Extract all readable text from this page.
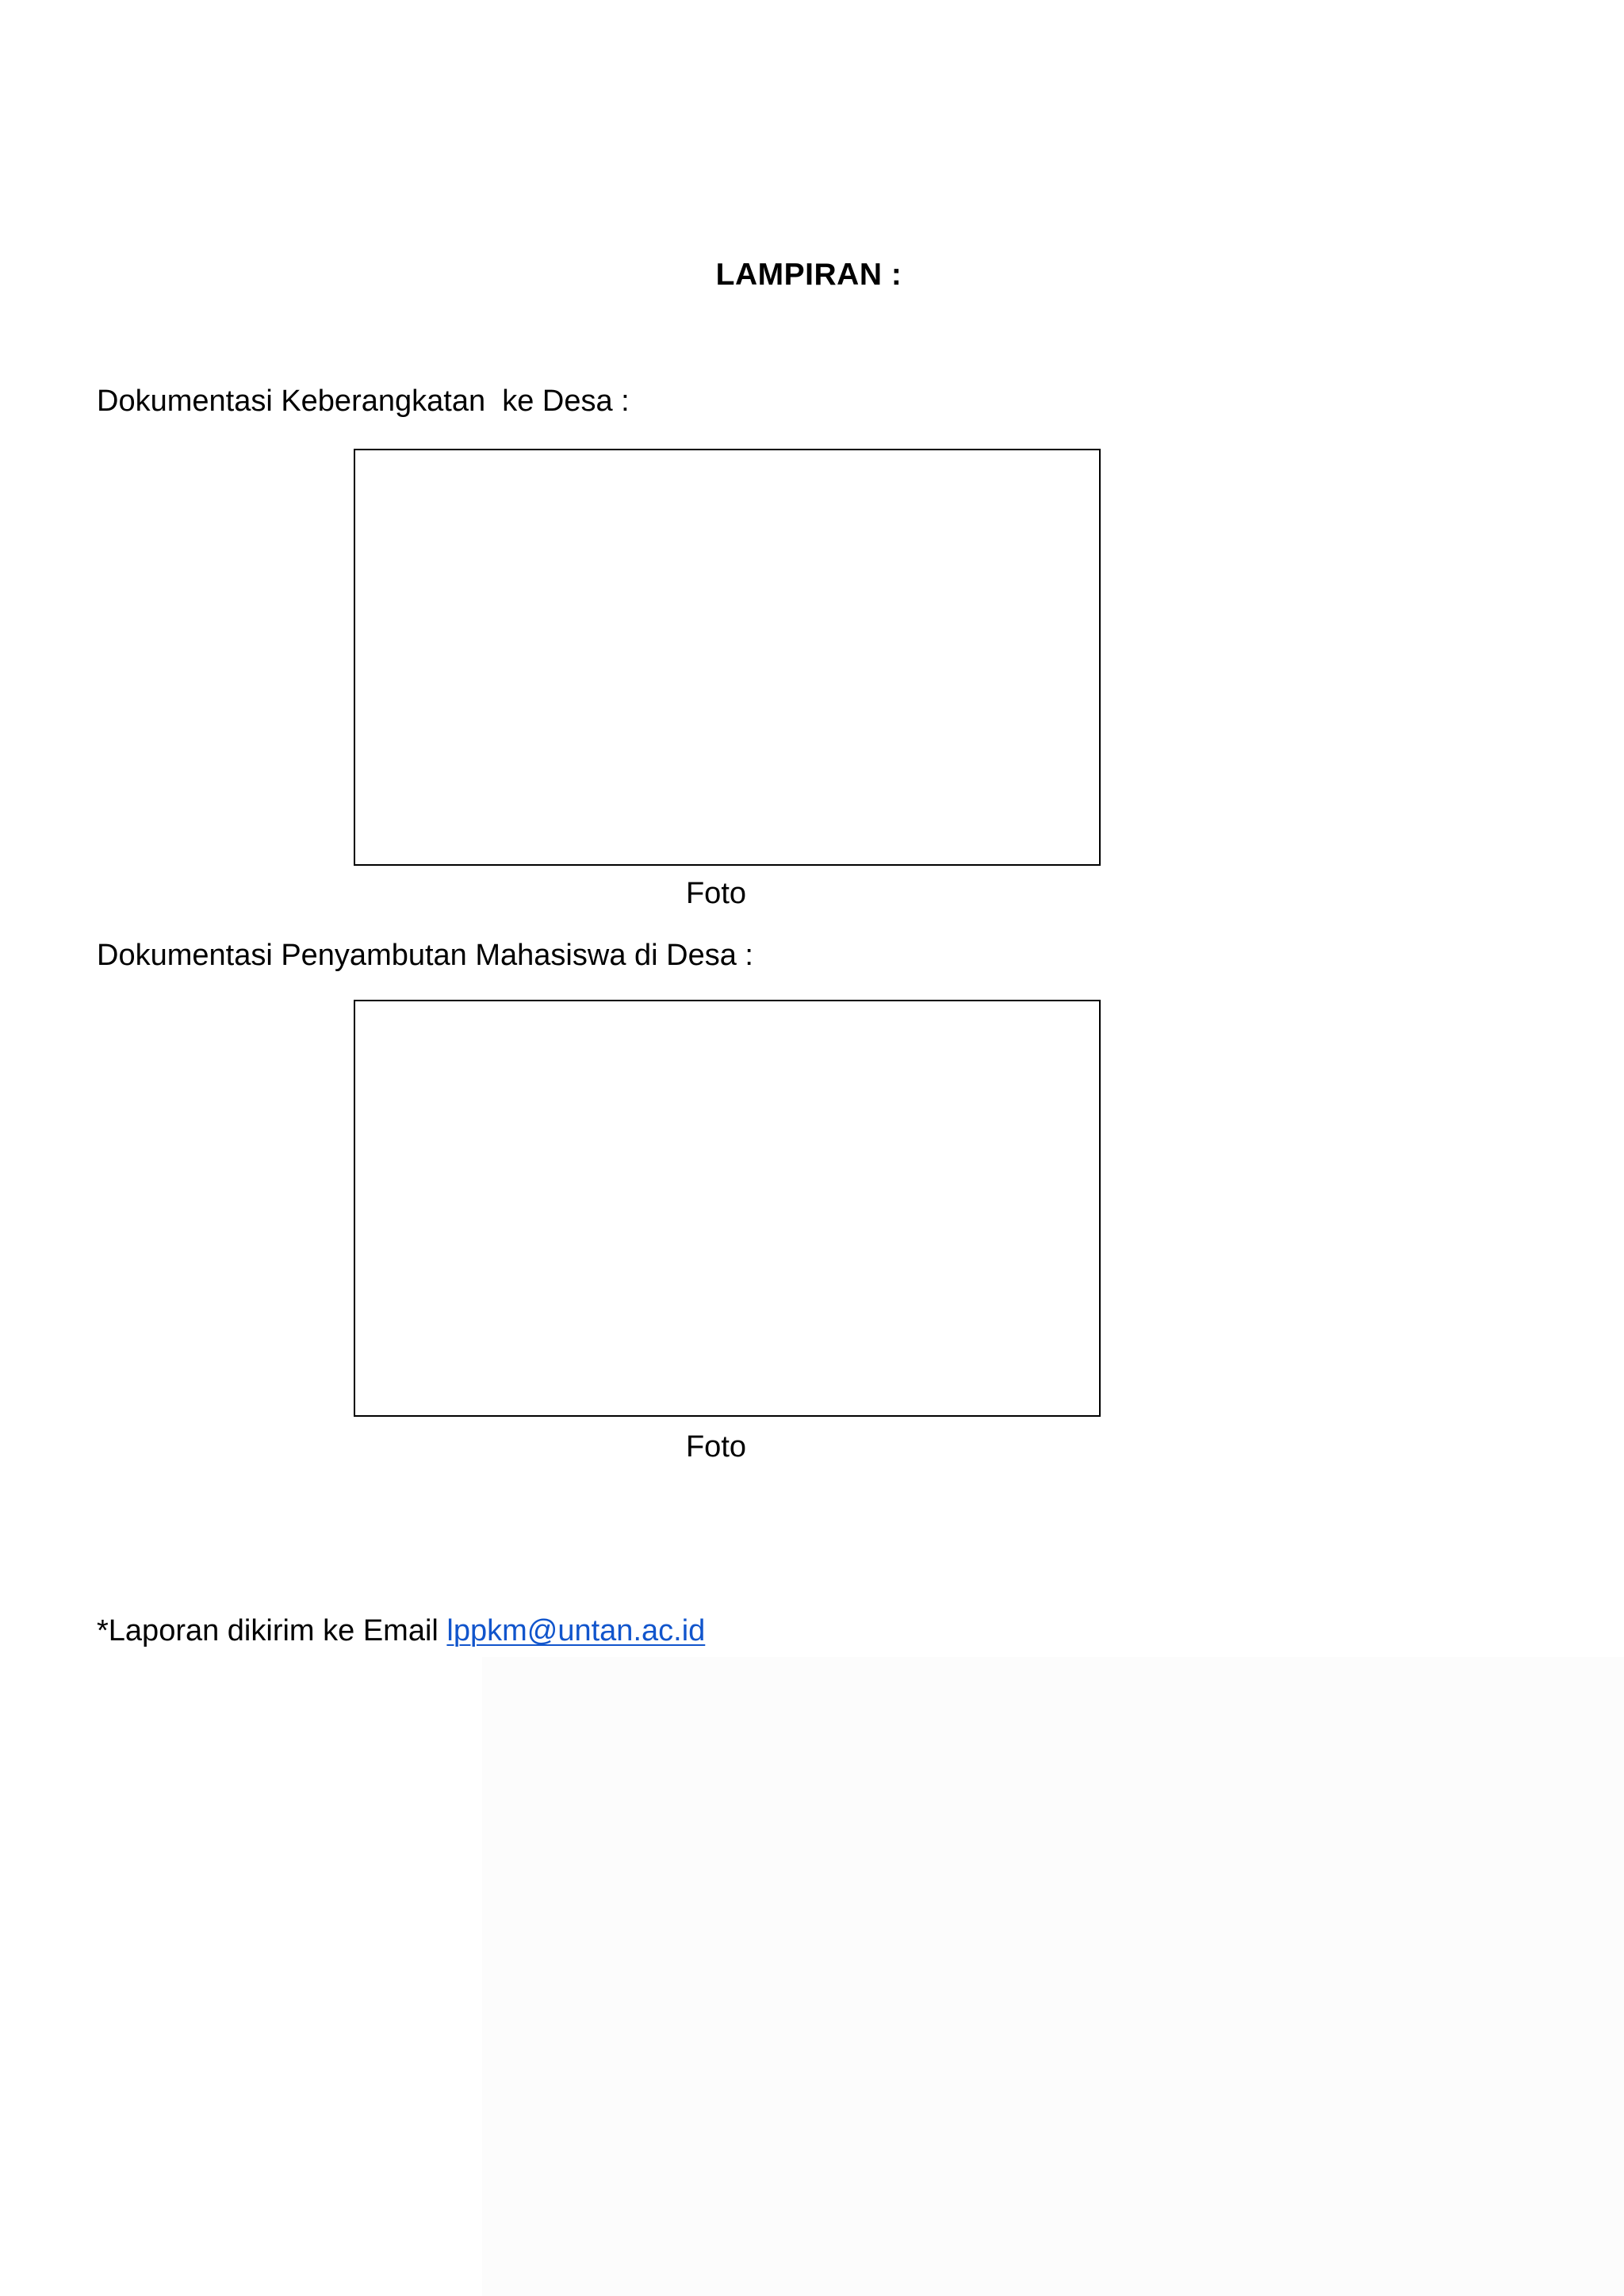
LAMPIRAN :
Dokumentasi Keberangkatan  ke Desa :
Foto
Dokumentasi Penyambutan Mahasiswa di Desa :
Foto
*Laporan dikirim ke Email lppkm@untan.ac.id
